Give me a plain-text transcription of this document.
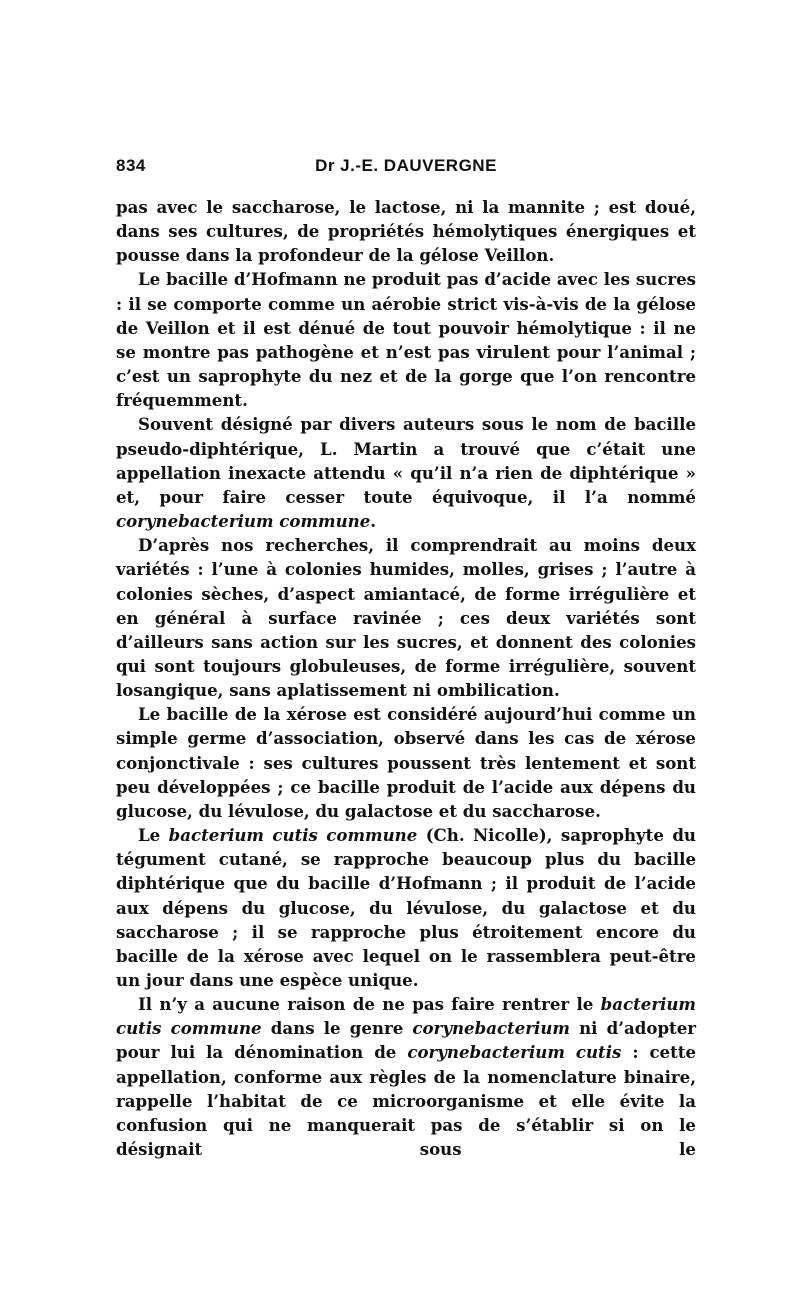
834	Dr J.-E. DAUVERGNE

pas avec le saccharose, le lactose, ni la mannite ; est doué, dans ses cultures, de propriétés hémolytiques énergiques et pousse dans la profondeur de la gélose Veillon.

Le bacille d’Hofmann ne produit pas d’acide avec les sucres : il se comporte comme un aérobie strict vis-à-vis de la gélose de Veillon et il est dénué de tout pouvoir hémolytique : il ne se montre pas pathogène et n’est pas virulent pour l’animal ; c’est un saprophyte du nez et de la gorge que l’on rencontre fréquemment.

Souvent désigné par divers auteurs sous le nom de bacille pseudo-diphtérique, L. Martin a trouvé que c’était une appellation inexacte attendu « qu’il n’a rien de diphtérique » et, pour faire cesser toute équivoque, il l’a nommé corynebacterium commune.

D’après nos recherches, il comprendrait au moins deux variétés : l’une à colonies humides, molles, grises ; l’autre à colonies sèches, d’aspect amiantacé, de forme irrégulière et en général à surface ravinée ; ces deux variétés sont d’ailleurs sans action sur les sucres, et donnent des colonies qui sont toujours globuleuses, de forme irrégulière, souvent losangique, sans aplatissement ni ombilication.

Le bacille de la xérose est considéré aujourd’hui comme un simple germe d’association, observé dans les cas de xérose conjonctivale : ses cultures poussent très lentement et sont peu développées ; ce bacille produit de l’acide aux dépens du glucose, du lévulose, du galactose et du saccharose.

Le bacterium cutis commune (Ch. Nicolle), saprophyte du tégument cutané, se rapproche beaucoup plus du bacille diphtérique que du bacille d’Hofmann ; il produit de l’acide aux dépens du glucose, du lévulose, du galactose et du saccharose ; il se rapproche plus étroitement encore du bacille de la xérose avec lequel on le rassemblera peut-être un jour dans une espèce unique.

Il n’y a aucune raison de ne pas faire rentrer le bacterium cutis commune dans le genre corynebacterium ni d’adopter pour lui la dénomination de corynebacterium cutis : cette appellation, conforme aux règles de la nomenclature binaire, rappelle l’habitat de ce microorganisme et elle évite la confusion qui ne manquerait pas de s’établir si on le désignait sous le
